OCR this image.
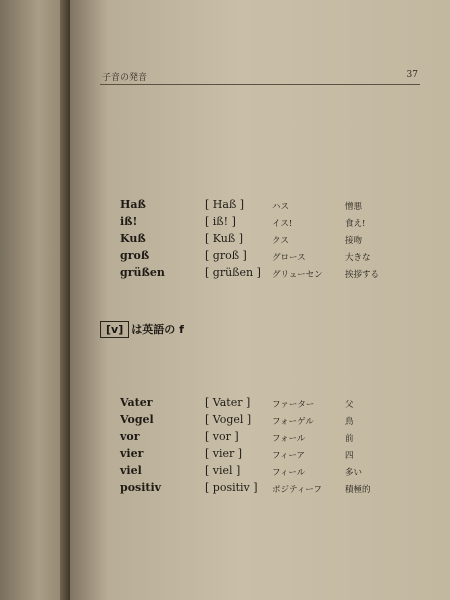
子音の発音	37
Haß	[ Haß ]	ハス	憎悪
iß!	[ iß! ]	イス!	食え!
Kuß	[ Kuß ]	クス	接吻
groß	[ groß ]	グロース	大きな
grüßen	[ grüßen ] グリューセン	挨拶する
[v] は英語の f
Vater	[ Vater ]	ファーター	父
Vogel	[ Vogel ] フォーゲル	鳥
vor	[ vor ]	フォール	前
vier	[ vier ]	フィーア	四
viel	[ viel ]	フィール	多い
positiv	[ positiv ] ポジティーフ	積極的
